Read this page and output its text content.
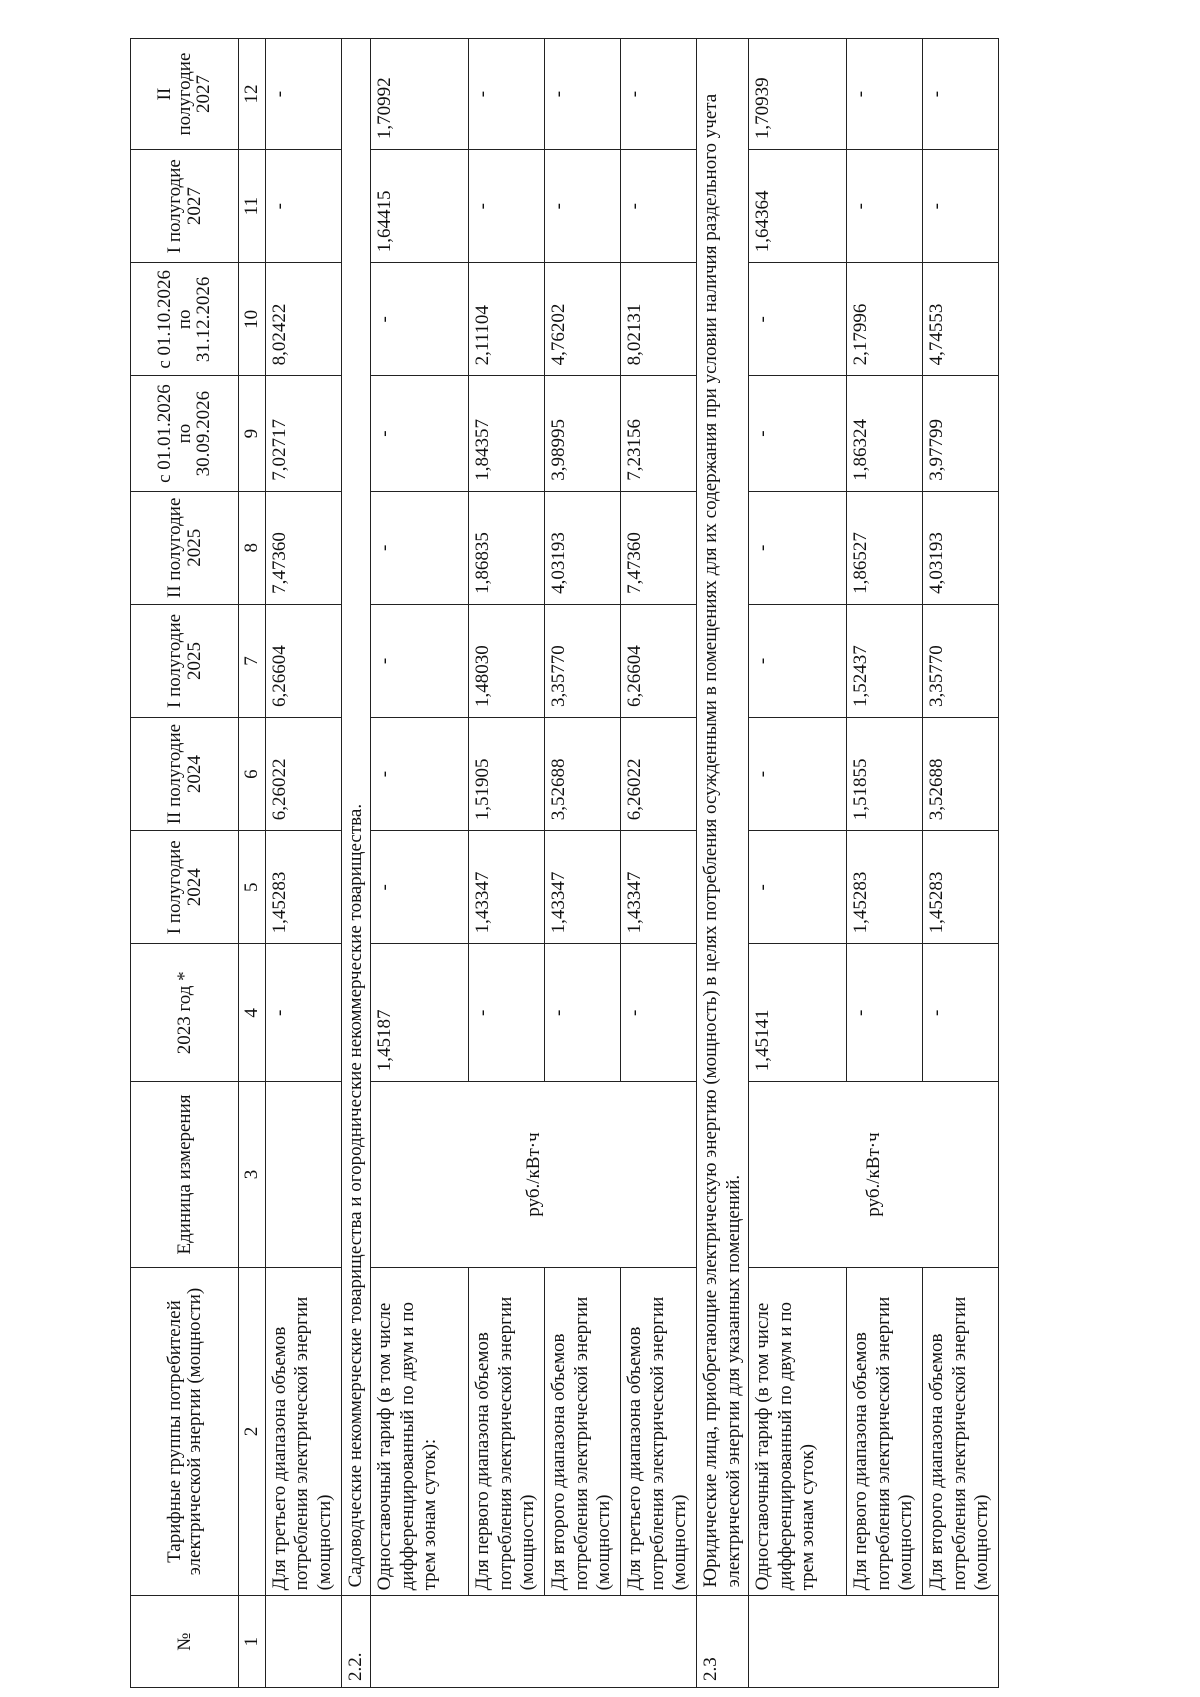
№	Тарифные группы потребителей электрической энергии (мощности)	Единица измерения	2023 год *	I полугодие 2024	II полугодие 2024	I полугодие 2025	II полугодие 2025	с 01.01.2026 по 30.09.2026	с 01.10.2026 по 31.12.2026	I полугодие 2027	II полугодие 2027
1	2	3	4	5	6	7	8	9	10	11	12
	Для третьего диапазона объемов потребления электрической энергии (мощности)		-	1,45283	6,26022	6,26604	7,47360	7,02717	8,02422	-	-
2.2.	Садоводческие некоммерческие товарищества и огороднические некоммерческие товарищества.										
	Одноставочный тариф (в том числе дифференцированный по двум и по трем зонам суток):	руб./кВт·ч	1,45187	-	-	-	-	-	-	1,64415	1,70992
	Для первого диапазона объемов потребления электрической энергии (мощности)		-	1,43347	1,51905	1,48030	1,86835	1,84357	2,11104	-	-
	Для второго диапазона объемов потребления электрической энергии (мощности)		-	1,43347	3,52688	3,35770	4,03193	3,98995	4,76202	-	-
	Для третьего диапазона объемов потребления электрической энергии (мощности)		-	1,43347	6,26022	6,26604	7,47360	7,23156	8,02131	-	-
2.3	Юридические лица, приобретающие электрическую энергию (мощность) в целях потребления осужденными в помещениях для их содержания при условии наличия раздельного учета электрической энергии для указанных помещений.										
	Одноставочный тариф (в том числе дифференцированный по двум и по трем зонам суток)	руб./кВт·ч	1,45141	-	-	-	-	-	-	1,64364	1,70939
	Для первого диапазона объемов потребления электрической энергии (мощности)		-	1,45283	1,51855	1,52437	1,86527	1,86324	2,17996	-	-
	Для второго диапазона объемов потребления электрической энергии (мощности)		-	1,45283	3,52688	3,35770	4,03193	3,97799	4,74553	-	-
